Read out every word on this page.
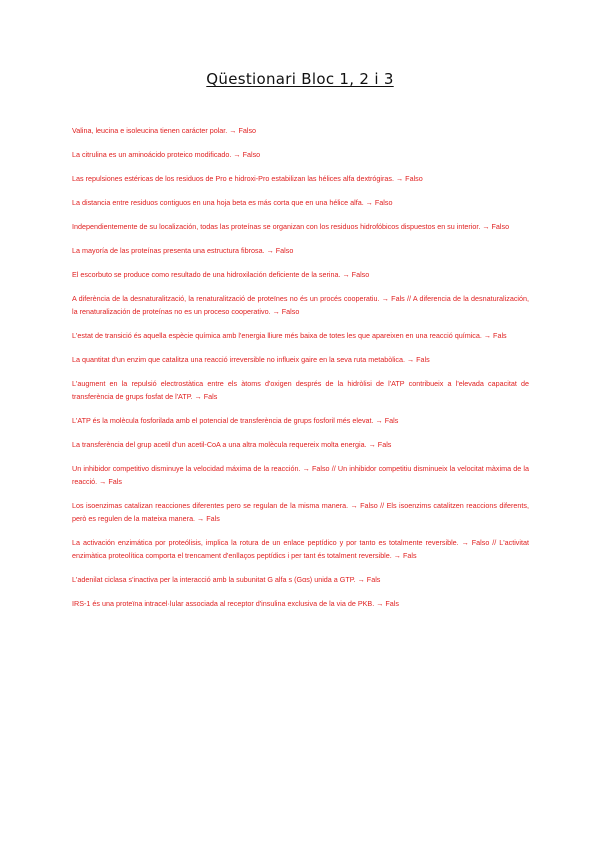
Qüestionari Bloc 1, 2 i 3

Valina, leucina e isoleucina tienen carácter polar. → Falso

La citrulina es un aminoácido proteico modificado. → Falso

Las repulsiones estéricas de los residuos de Pro e hidroxi-Pro estabilizan las hélices alfa dextrógiras. → Falso

La distancia entre residuos contiguos en una hoja beta es más corta que en una hélice alfa. → Falso

Independientemente de su localización, todas las proteínas se organizan con los residuos hidrofóbicos dispuestos en su interior. → Falso

La mayoría de las proteínas presenta una estructura fibrosa. → Falso

El escorbuto se produce como resultado de una hidroxilación deficiente de la serina. → Falso

A diferència de la desnaturalització, la renaturalització de proteïnes no és un procés cooperatiu. → Fals // A diferencia de la desnaturalización, la renaturalización de proteínas no es un proceso cooperativo. → Falso

L'estat de transició és aquella espècie química amb l'energia lliure més baixa de totes les que apareixen en una reacció química. → Fals

La quantitat d'un enzim que catalitza una reacció irreversible no influeix gaire en la seva ruta metabòlica. → Fals

L'augment en la repulsió electrostàtica entre els àtoms d'oxigen després de la hidròlisi de l'ATP contribueix a l'elevada capacitat de transferència de grups fosfat de l'ATP. → Fals

L'ATP és la molècula fosforilada amb el potencial de transferència de grups fosforil més elevat. → Fals

La transferència del grup acetil d'un acetil-CoA a una altra molècula requereix molta energia. → Fals

Un inhibidor competitivo disminuye la velocidad máxima de la reacción. → Falso // Un inhibidor competitiu disminueix la velocitat màxima de la reacció. → Fals

Los isoenzimas catalizan reacciones diferentes pero se regulan de la misma manera. → Falso // Els isoenzims catalitzen reaccions diferents, però es regulen de la mateixa manera. → Fals

La activación enzimática por proteólisis, implica la rotura de un enlace peptídico y por tanto es totalmente reversible. → Falso // L'activitat enzimàtica proteolítica comporta el trencament d'enllaços peptídics i per tant és totalment reversible. → Fals

L'adenilat ciclasa s'inactiva per la interacció amb la subunitat G alfa s (Gαs) unida a GTP. → Fals

IRS-1 és una proteïna intracel·lular associada al receptor d'insulina exclusiva de la via de PKB. → Fals
